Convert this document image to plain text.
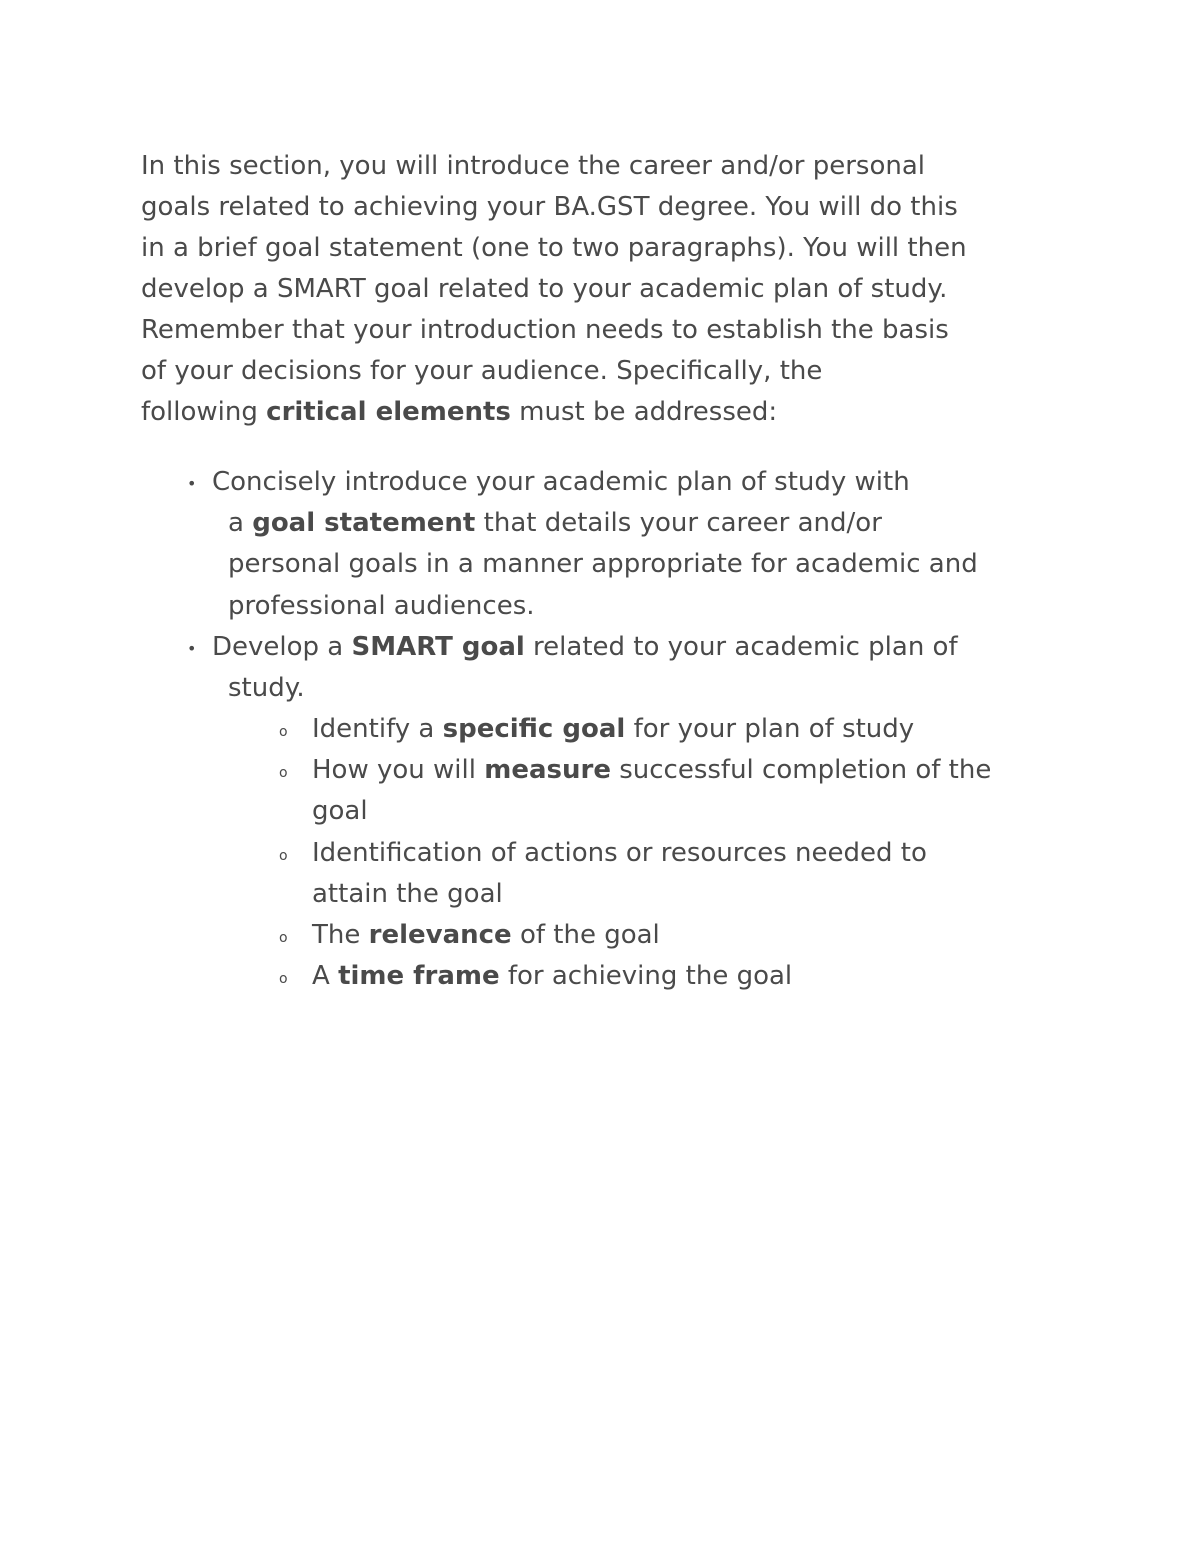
In this section, you will introduce the career and/or personal
goals related to achieving your BA.GST degree. You will do this
in a brief goal statement (one to two paragraphs). You will then
develop a SMART goal related to your academic plan of study.
Remember that your introduction needs to establish the basis
of your decisions for your audience. Specifically, the
following critical elements must be addressed:

• Concisely introduce your academic plan of study with
a goal statement that details your career and/or
personal goals in a manner appropriate for academic and
professional audiences.
• Develop a SMART goal related to your academic plan of
study.
o Identify a specific goal for your plan of study
o How you will measure successful completion of the
goal
o Identification of actions or resources needed to
attain the goal
o The relevance of the goal
o A time frame for achieving the goal
